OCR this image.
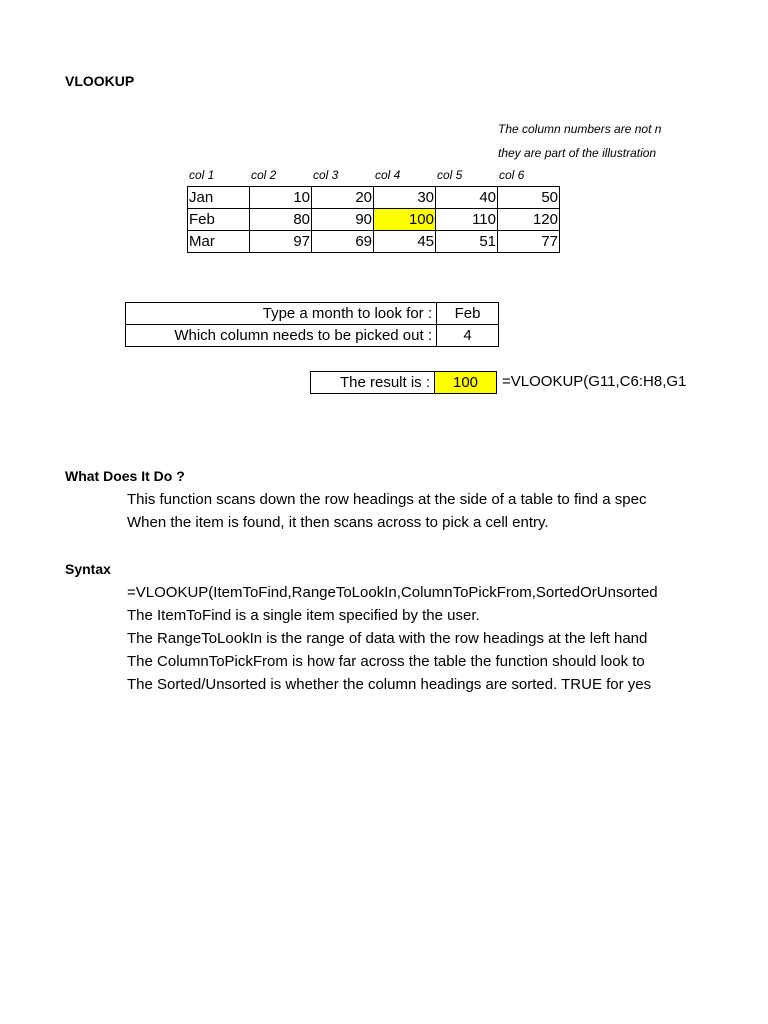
VLOOKUP
The column numbers are not n
they are part of the illustration
col 1	col 2	col 3	col 4	col 5	col 6
Jan	10	20	30	40	50
Feb	80	90	100	110	120
Mar	97	69	45	51	77
Type a month to look for :	Feb
Which column needs to be picked out :	4
The result is :	100 =VLOOKUP(G11,C6:H8,G1
What Does It Do ?
This function scans down the row headings at the side of a table to find a spec
When the item is found, it then scans across to pick a cell entry.
Syntax
=VLOOKUP(ItemToFind,RangeToLookIn,ColumnToPickFrom,SortedOrUnsorted
The ItemToFind is a single item specified by the user.
The RangeToLookIn is the range of data with the row headings at the left hand
The ColumnToPickFrom is how far across the table the function should look to
The Sorted/Unsorted is whether the column headings are sorted. TRUE for yes
